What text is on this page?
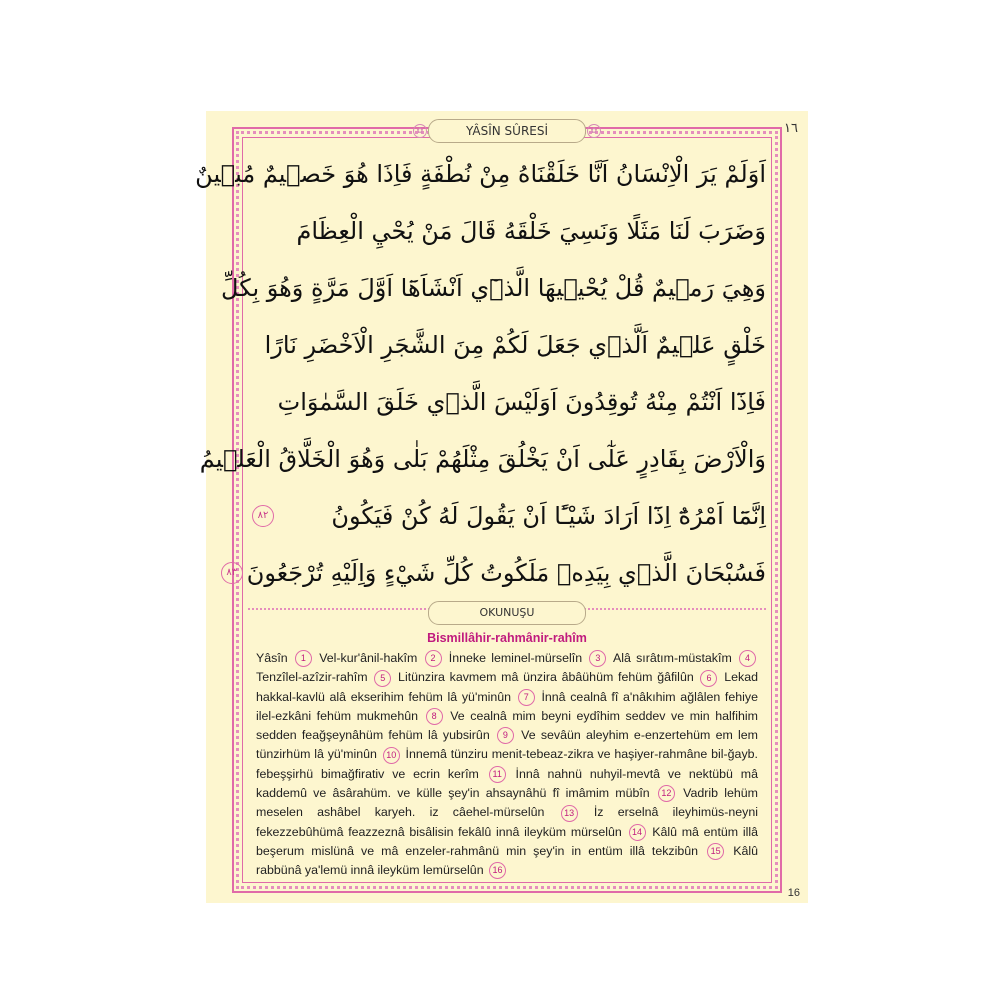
✿	YÂSÎN SÛRESİ	✿	١٦
اَوَلَمْ يَرَ الْاِنْسَانُ اَنَّا خَلَقْنَاهُ مِنْ نُطْفَةٍ فَاِذَا هُوَ خَص۪يمٌ مُب۪ينٌ
وَضَرَبَ لَنَا مَثَلًا وَنَسِيَ خَلْقَهُ قَالَ مَنْ يُحْيِ الْعِظَامَ
وَهِيَ رَم۪يمٌ قُلْ يُحْي۪يهَا الَّذ۪ٓي اَنْشَاَهَٓا اَوَّلَ مَرَّةٍ وَهُوَ بِكُلِّ
خَلْقٍ عَل۪يمٌ اَلَّذ۪ي جَعَلَ لَكُمْ مِنَ الشَّجَرِ الْاَخْضَرِ نَارًا
فَاِذَٓا اَنْتُمْ مِنْهُ تُوقِدُونَ اَوَلَيْسَ الَّذ۪ي خَلَقَ السَّمٰوَاتِ
وَالْاَرْضَ بِقَادِرٍ عَلٰٓى اَنْ يَخْلُقَ مِثْلَهُمْ بَلٰى وَهُوَ الْخَلَّاقُ الْعَل۪يمُ
اِنَّمَٓا اَمْرُهُٓ اِذَٓا اَرَادَ شَيْـًٔا اَنْ يَقُولَ لَهُ كُنْ فَيَكُونُ
٨٢
فَسُبْحَانَ الَّذ۪ي بِيَدِه۪ مَلَكُوتُ كُلِّ شَيْءٍ وَاِلَيْهِ تُرْجَعُونَ
٨٣
OKUNUŞU
Bismillâhir-rahmânir-rahîm

Yâsîn 1 Vel-kur'ânil-hakîm 2 İnneke leminel-mürselîn 3 Alâ sırâtım-müstakîm 4 Tenzîlel-azîzir-rahîm 5 Litünzira kavmem mâ ünzira âbâühüm fehüm ğâfilûn 6 Lekad hakkal-kavlü alâ ekserihim fehüm lâ yü'minûn 7 İnnâ cealnâ fî a'nâkıhim ağlâlen fehiye ilel-ezkâni fehüm mukmehûn 8 Ve cealnâ mim beyni eydîhim seddev ve min halfihim sedden feağşeynâhüm fehüm lâ yubsirûn 9 Ve sevâün aleyhim e-enzertehüm em lem tünzirhüm lâ yü'minûn 10 İnnemâ tünziru menit-tebeaz-zikra ve haşiyer-rahmâne bil-ğayb. febeşşirhü bimağfirativ ve ecrin kerîm 11 İnnâ nahnü nuhyil-mevtâ ve nektübü mâ kaddemû ve âsârahüm. ve külle şey'in ahsaynâhü fî imâmim mübîn 12 Vadrib lehüm meselen ashâbel karyeh. iz câehel-mürselûn 13 İz erselnâ ileyhimüs-neyni fekezzebûhümâ feazzeznâ bisâlisin fekâlû innâ ileyküm mürselûn 14 Kâlû mâ entüm illâ beşerum mislünâ ve mâ enzeler-rahmânü min şey'in in entüm illâ tekzibûn 15 Kâlû rabbünâ ya'lemü innâ ileyküm lemürselûn 16

16
